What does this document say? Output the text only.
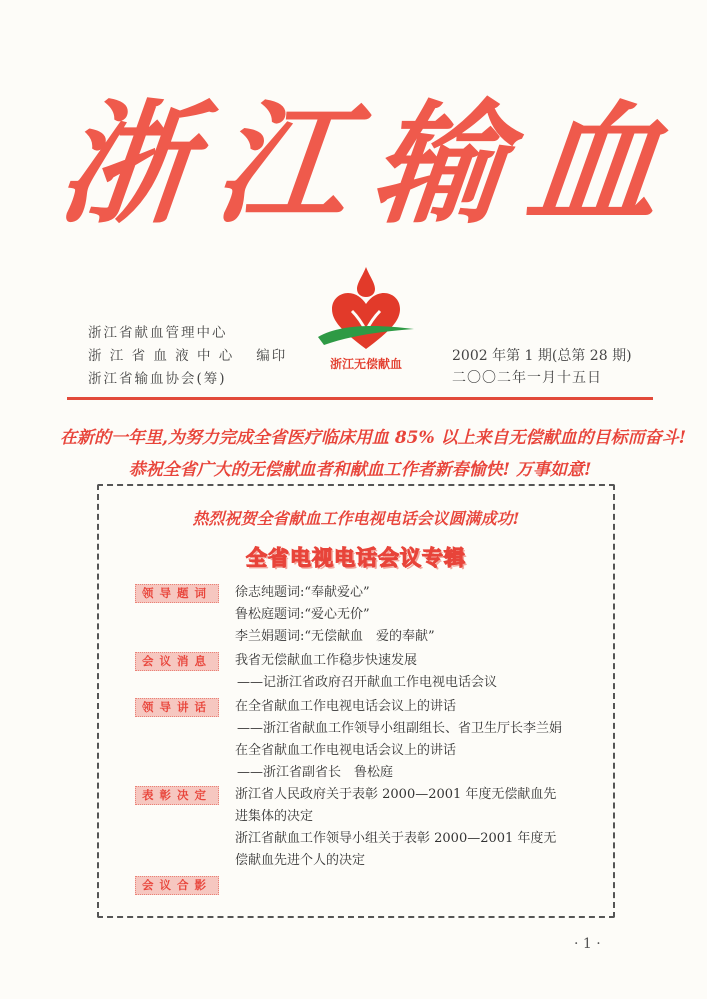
浙 江 输 血
浙江省献血管理中心
浙 江 省 血 液 中 心 编印
浙江省输血协会(筹)
浙江无偿献血	2002 年第 1 期(总第 28 期)
二〇〇二年一月十五日
在新的一年里,为努力完成全省医疗临床用血 85% 以上来自无偿献血的目标而奋斗!
恭祝全省广大的无偿献血者和献血工作者新春愉快! 万事如意!
热烈祝贺全省献血工作电视电话会议圆满成功!
全省电视电话会议专辑
领导题词	徐志纯题词:“奉献爱心”
鲁松庭题词:“爱心无价”
李兰娟题词:“无偿献血　爱的奉献”
会议消息	我省无偿献血工作稳步快速发展
——记浙江省政府召开献血工作电视电话会议
领导讲话	在全省献血工作电视电话会议上的讲话
——浙江省献血工作领导小组副组长、省卫生厅长李兰娟
在全省献血工作电视电话会议上的讲话
——浙江省副省长　鲁松庭
表彰决定	浙江省人民政府关于表彰 2000—2001 年度无偿献血先
进集体的决定
浙江省献血工作领导小组关于表彰 2000—2001 年度无
偿献血先进个人的决定
会议合影
· 1 ·
